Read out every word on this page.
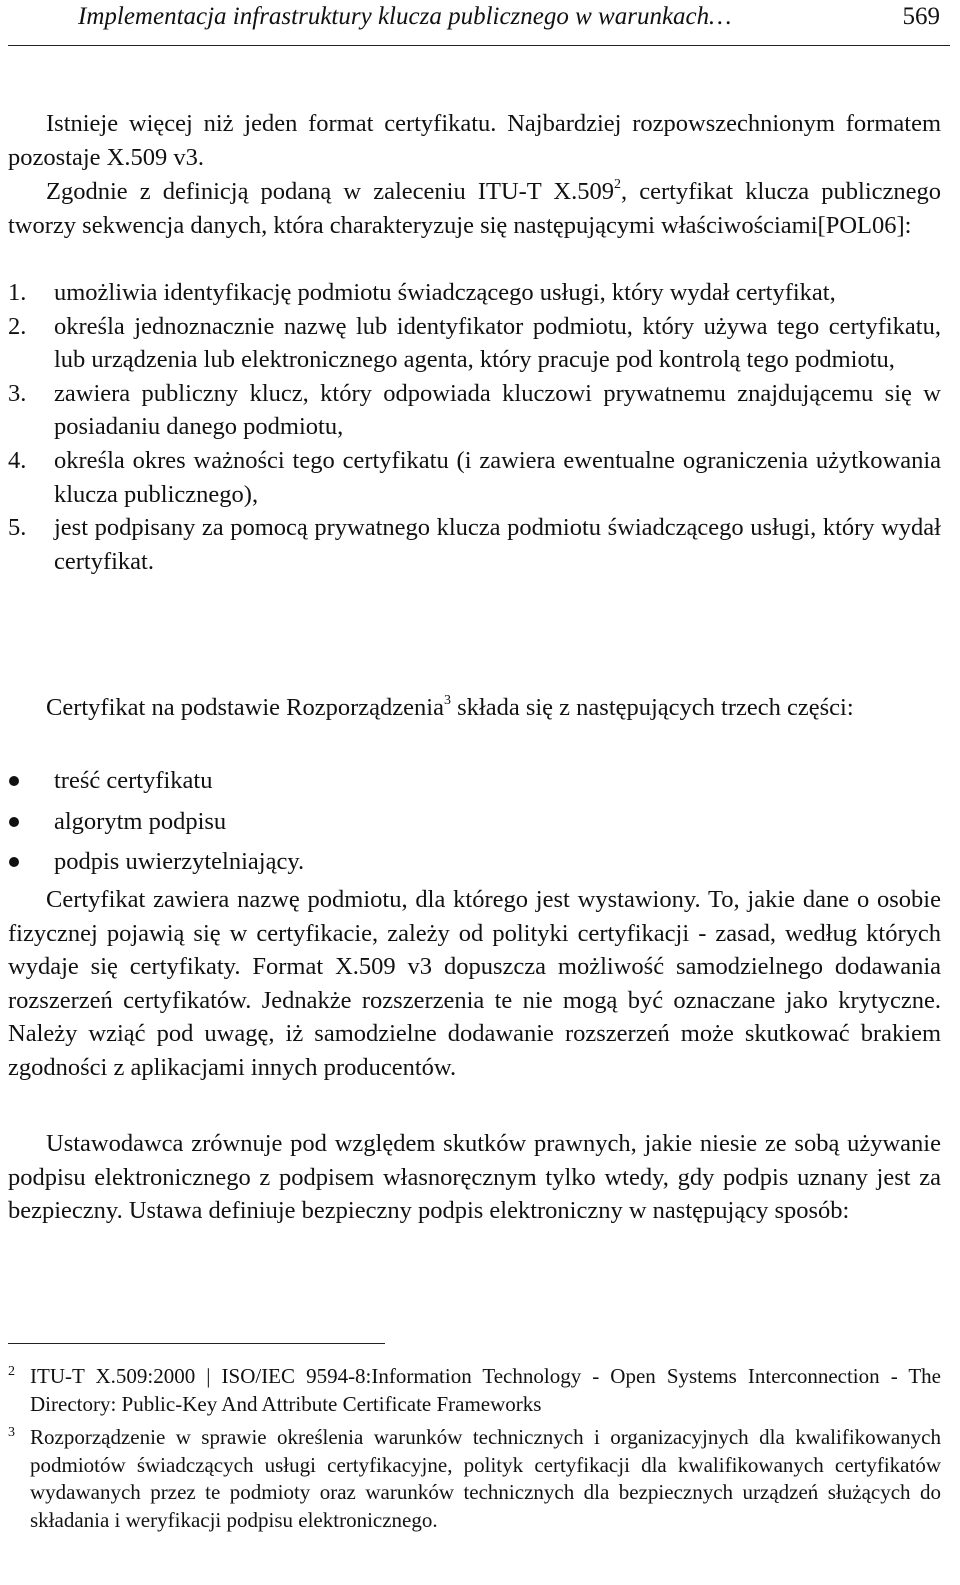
Implementacja infrastruktury klucza publicznego w warunkach…	569

Istnieje więcej niż jeden format certyfikatu. Najbardziej rozpowszechnionym formatem pozostaje X.509 v3.

Zgodnie z definicją podaną w zaleceniu ITU-T X.509$^2$, certyfikat klucza publicznego tworzy sekwencja danych, która charakteryzuje się następującymi właściwościami[POL06]:

1. umożliwia identyfikację podmiotu świadczącego usługi, który wydał certyfikat,
2. określa jednoznacznie nazwę lub identyfikator podmiotu, który używa tego certyfikatu, lub urządzenia lub elektronicznego agenta, który pracuje pod kontrolą tego podmiotu,
3. zawiera publiczny klucz, który odpowiada kluczowi prywatnemu znajdującemu się w posiadaniu danego podmiotu,
4. określa okres ważności tego certyfikatu (i zawiera ewentualne ograniczenia użytkowania klucza publicznego),
5. jest podpisany za pomocą prywatnego klucza podmiotu świadczącego usługi, który wydał certyfikat.

Certyfikat na podstawie Rozporządzenia$^3$ składa się z następujących trzech części:

treść certyfikatu
algorytm podpisu
podpis uwierzytelniający.

Certyfikat zawiera nazwę podmiotu, dla którego jest wystawiony. To, jakie dane o osobie fizycznej pojawią się w certyfikacie, zależy od polityki certyfikacji - zasad, według których wydaje się certyfikaty. Format X.509 v3 dopuszcza możliwość samodzielnego dodawania rozszerzeń certyfikatów. Jednakże rozszerzenia te nie mogą być oznaczane jako krytyczne. Należy wziąć pod uwagę, iż samodzielne dodawanie rozszerzeń może skutkować brakiem zgodności z aplikacjami innych producentów.

Ustawodawca zrównuje pod względem skutków prawnych, jakie niesie ze sobą używanie podpisu elektronicznego z podpisem własnoręcznym tylko wtedy, gdy podpis uznany jest za bezpieczny. Ustawa definiuje bezpieczny podpis elektroniczny w następujący sposób:

2 ITU-T X.509:2000 | ISO/IEC 9594-8:Information Technology - Open Systems Interconnection - The Directory: Public-Key And Attribute Certificate Frameworks
3 Rozporządzenie w sprawie określenia warunków technicznych i organizacyjnych dla kwalifikowanych podmiotów świadczących usługi certyfikacyjne, polityk certyfikacji dla kwalifikowanych certyfikatów wydawanych przez te podmioty oraz warunków technicznych dla bezpiecznych urządzeń służących do składania i weryfikacji podpisu elektronicznego.
